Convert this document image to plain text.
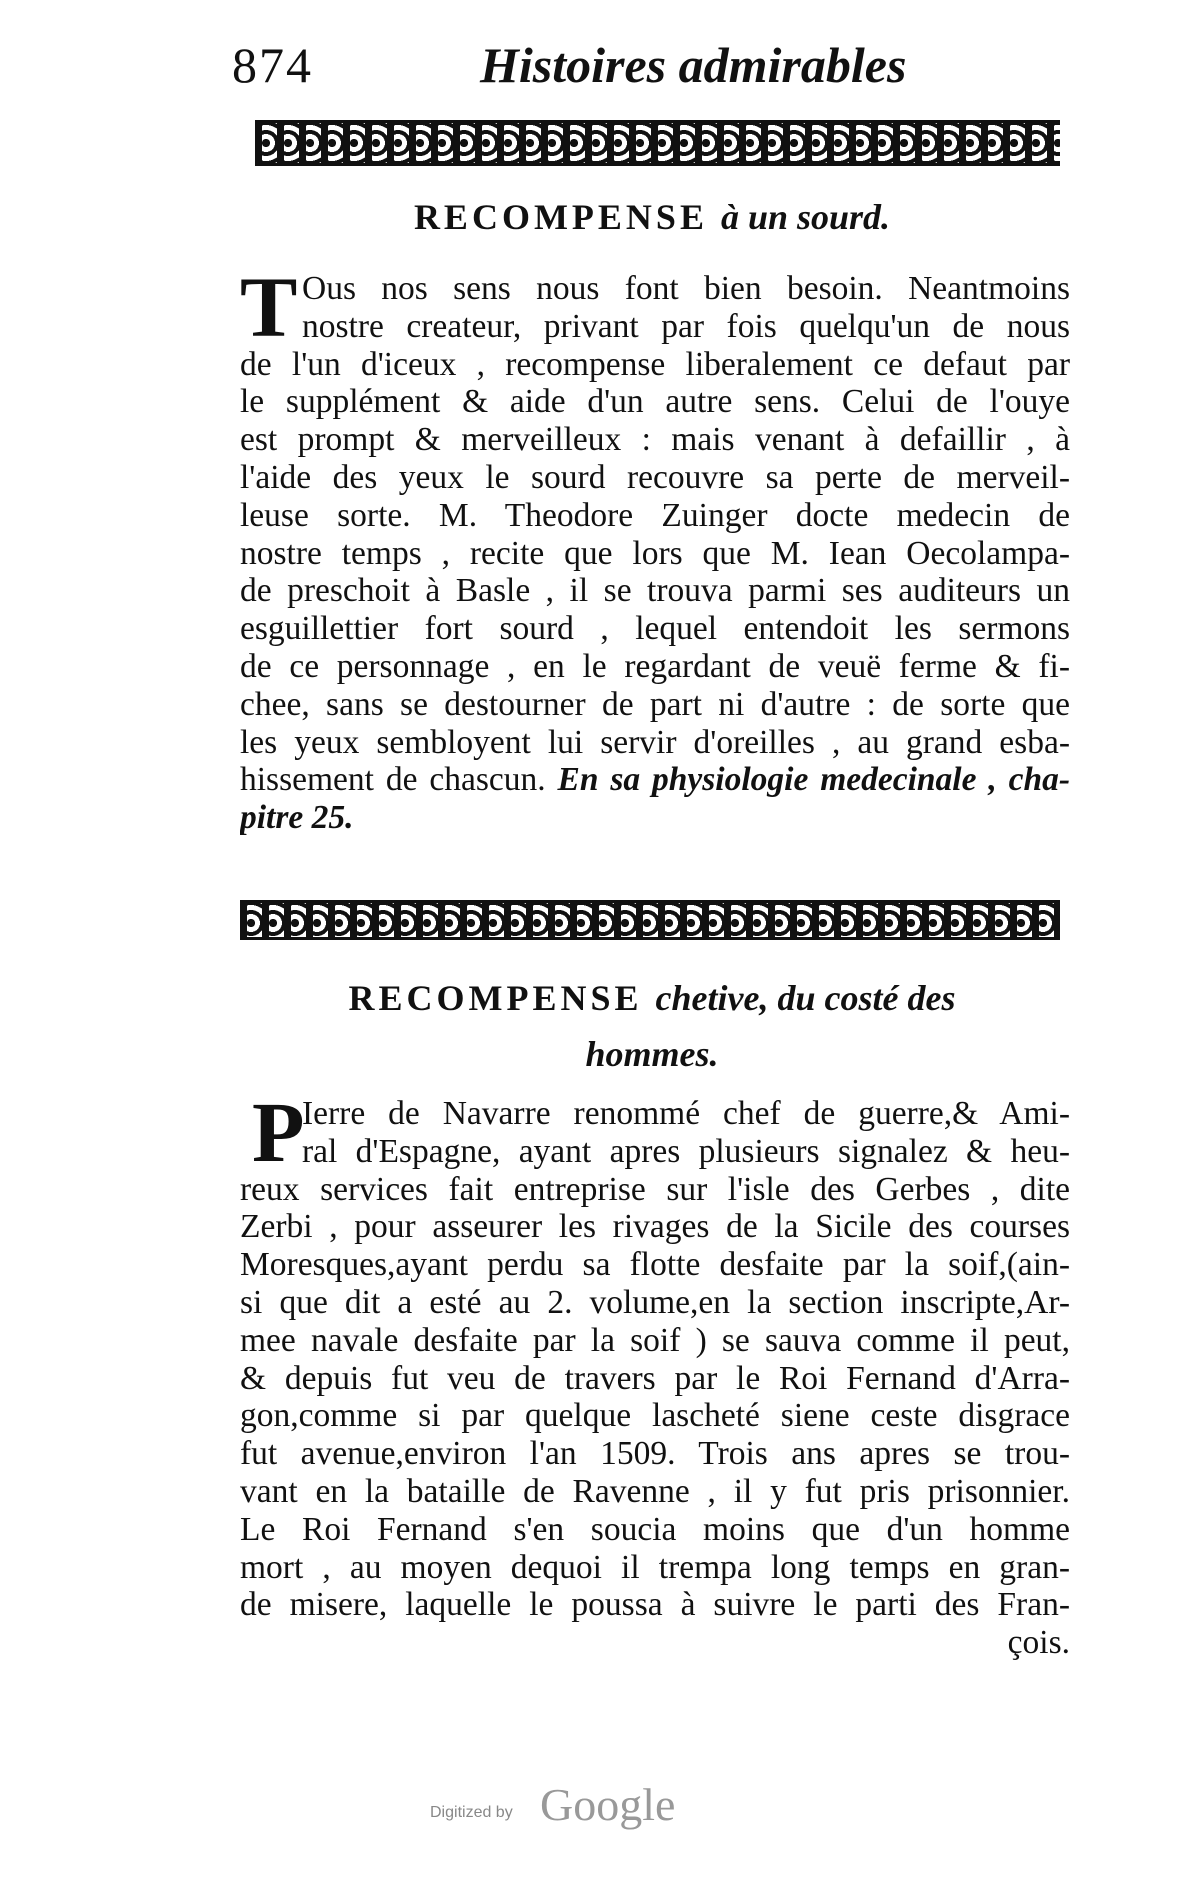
874	Histoires admirables
RECOMPENSE à un sourd.
T Ous nos sens nous font bien besoin. Neantmoins
nostre createur, privant par fois quelqu'un de nous
de l'un d'iceux , recompense liberalement ce defaut par
le supplément & aide d'un autre sens. Celui de l'ouye
est prompt & merveilleux : mais venant à defaillir , à
l'aide des yeux le sourd recouvre sa perte de merveil-
leuse sorte. M. Theodore Zuinger docte medecin de
nostre temps , recite que lors que M. Iean Oecolampa-
de preschoit à Basle , il se trouva parmi ses auditeurs un
esguillettier fort sourd , lequel entendoit les sermons
de ce personnage , en le regardant de veuë ferme & fi-
chee, sans se destourner de part ni d'autre : de sorte que
les yeux sembloyent lui servir d'oreilles , au grand esba-
hissement de chascun. En sa physiologie medecinale , cha-
pitre 25.
RECOMPENSE chetive, du costé des
hommes.
P
Ierre de Navarre renommé chef de guerre,& Ami-
ral d'Espagne, ayant apres plusieurs signalez & heu-
reux services fait entreprise sur l'isle des Gerbes , dite
Zerbi , pour asseurer les rivages de la Sicile des courses
Moresques,ayant perdu sa flotte desfaite par la soif,(ain-
si que dit a esté au 2. volume,en la section inscripte,Ar-
mee navale desfaite par la soif ) se sauva comme il peut,
& depuis fut veu de travers par le Roi Fernand d'Arra-
gon,comme si par quelque lascheté siene ceste disgrace
fut avenue,environ l'an 1509. Trois ans apres se trou-
vant en la bataille de Ravenne , il y fut pris prisonnier.
Le Roi Fernand s'en soucia moins que d'un homme
mort , au moyen dequoi il trempa long temps en gran-
de misere, laquelle le poussa à suivre le parti des Fran-
çois.
Digitized by Google
